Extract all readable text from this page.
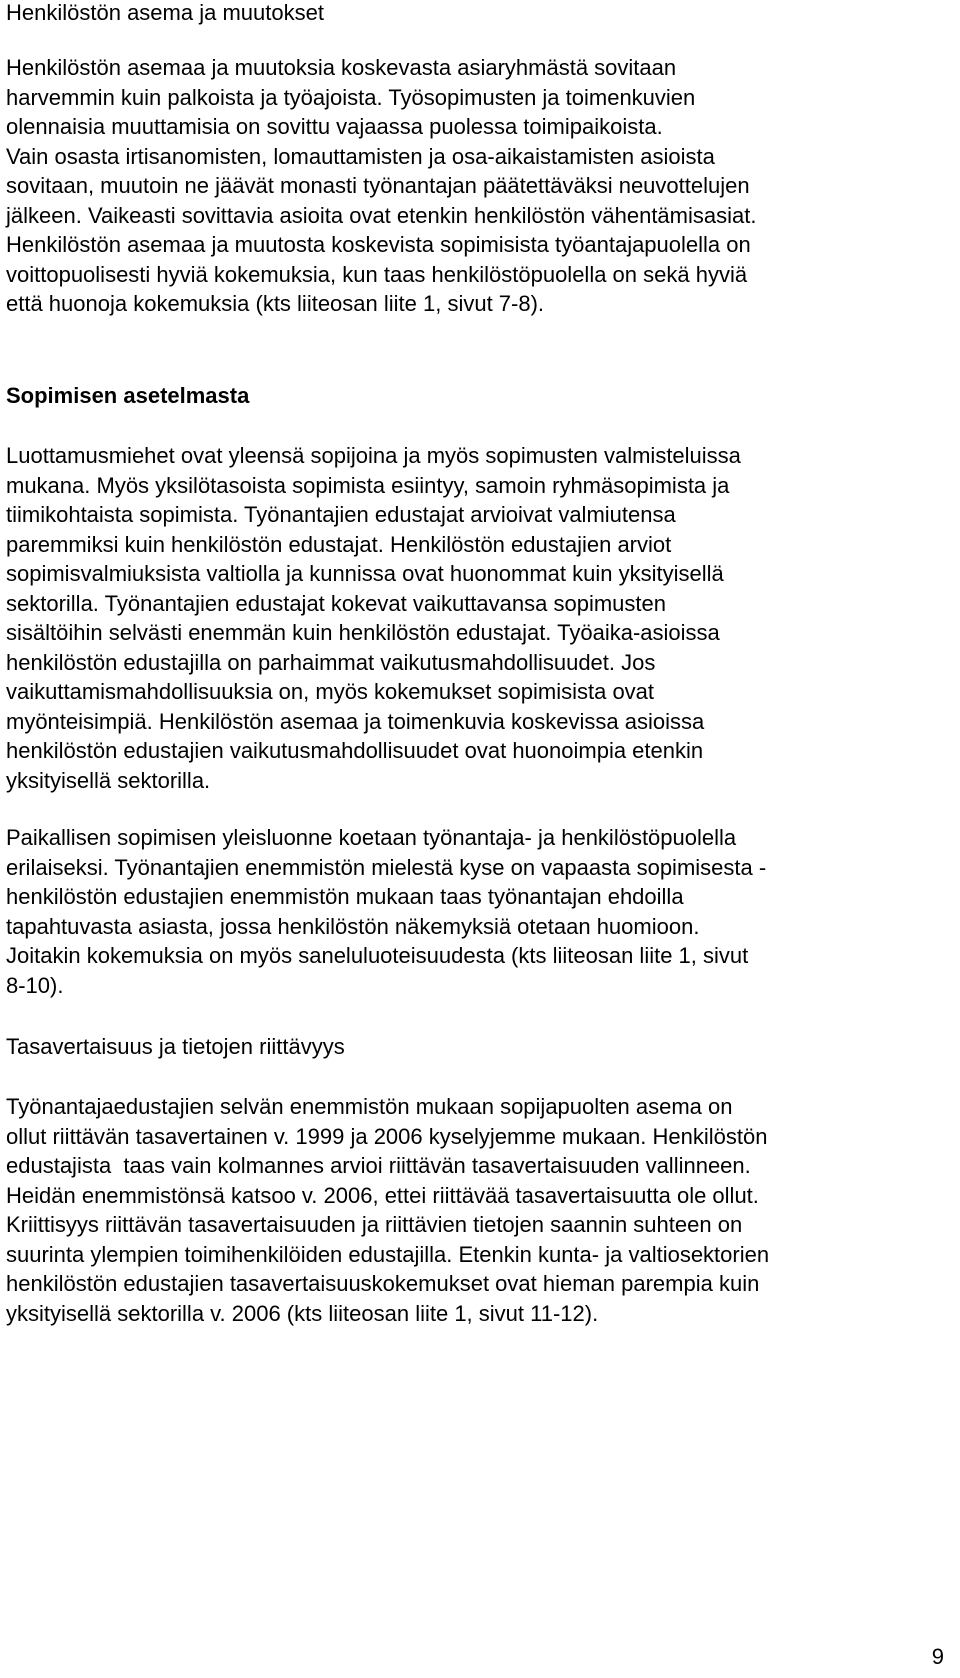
Henkilöstön asema ja muutokset
Henkilöstön asemaa ja muutoksia koskevasta asiaryhmästä sovitaan
harvemmin kuin palkoista ja työajoista. Työsopimusten ja toimenkuvien
olennaisia muuttamisia on sovittu vajaassa puolessa toimipaikoista.
Vain osasta irtisanomisten, lomauttamisten ja osa-aikaistamisten asioista
sovitaan, muutoin ne jäävät monasti työnantajan päätettäväksi neuvottelujen
jälkeen. Vaikeasti sovittavia asioita ovat etenkin henkilöstön vähentämisasiat.
Henkilöstön asemaa ja muutosta koskevista sopimisista työantajapuolella on
voittopuolisesti hyviä kokemuksia, kun taas henkilöstöpuolella on sekä hyviä
että huonoja kokemuksia (kts liiteosan liite 1, sivut 7-8).
Sopimisen asetelmasta
Luottamusmiehet ovat yleensä sopijoina ja myös sopimusten valmisteluissa
mukana. Myös yksilötasoista sopimista esiintyy, samoin ryhmäsopimista ja
tiimikohtaista sopimista. Työnantajien edustajat arvioivat valmiutensa
paremmiksi kuin henkilöstön edustajat. Henkilöstön edustajien arviot
sopimisvalmiuksista valtiolla ja kunnissa ovat huonommat kuin yksityisellä
sektorilla. Työnantajien edustajat kokevat vaikuttavansa sopimusten
sisältöihin selvästi enemmän kuin henkilöstön edustajat. Työaika-asioissa
henkilöstön edustajilla on parhaimmat vaikutusmahdollisuudet. Jos
vaikuttamismahdollisuuksia on, myös kokemukset sopimisista ovat
myönteisimpiä. Henkilöstön asemaa ja toimenkuvia koskevissa asioissa
henkilöstön edustajien vaikutusmahdollisuudet ovat huonoimpia etenkin
yksityisellä sektorilla.
Paikallisen sopimisen yleisluonne koetaan työnantaja- ja henkilöstöpuolella
erilaiseksi. Työnantajien enemmistön mielestä kyse on vapaasta sopimisesta -
henkilöstön edustajien enemmistön mukaan taas työnantajan ehdoilla
tapahtuvasta asiasta, jossa henkilöstön näkemyksiä otetaan huomioon.
Joitakin kokemuksia on myös saneluluoteisuudesta (kts liiteosan liite 1, sivut
8-10).
Tasavertaisuus ja tietojen riittävyys
Työnantajaedustajien selvän enemmistön mukaan sopijapuolten asema on
ollut riittävän tasavertainen v. 1999 ja 2006 kyselyjemme mukaan. Henkilöstön
edustajista  taas vain kolmannes arvioi riittävän tasavertaisuuden vallinneen.
Heidän enemmistönsä katsoo v. 2006, ettei riittävää tasavertaisuutta ole ollut.
Kriittisyys riittävän tasavertaisuuden ja riittävien tietojen saannin suhteen on
suurinta ylempien toimihenkilöiden edustajilla. Etenkin kunta- ja valtiosektorien
henkilöstön edustajien tasavertaisuuskokemukset ovat hieman parempia kuin
yksityisellä sektorilla v. 2006 (kts liiteosan liite 1, sivut 11-12).
9
